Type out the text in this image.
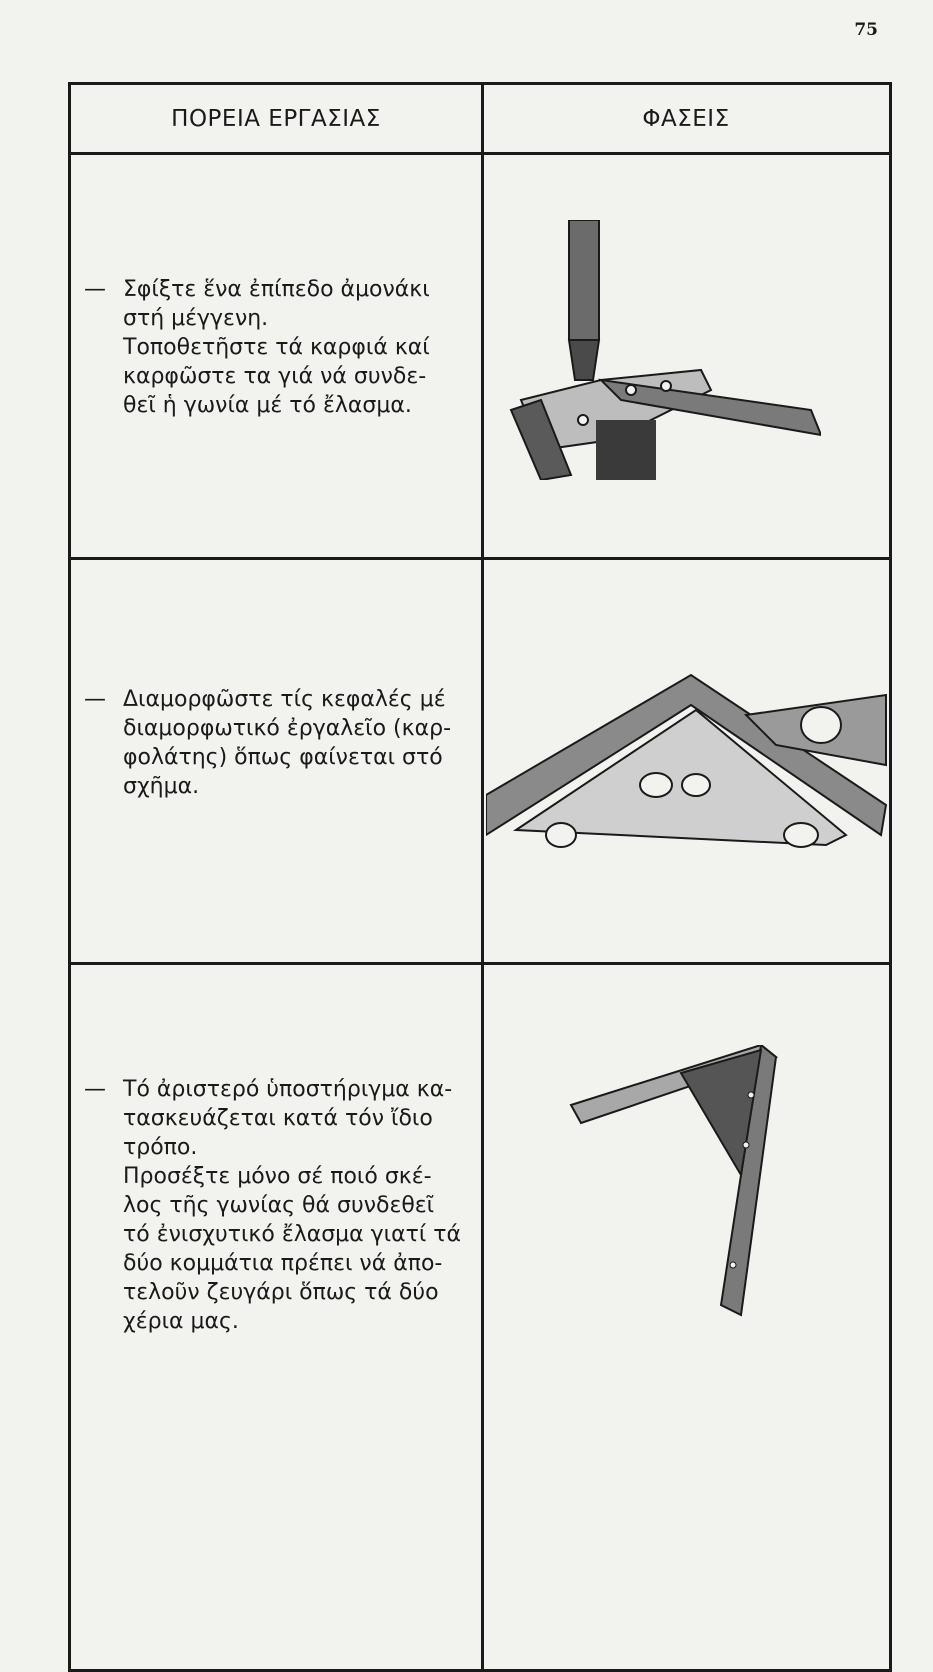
75
ΠΟΡΕΙΑ ΕΡΓΑΣΙΑΣ	ΦΑΣΕΙΣ
— Σφίξτε ἕνα ἐπίπεδο ἀμονάκι
στή μέγγενη.
Τοποθετῆστε τά καρφιά καί
καρφῶστε τα γιά νά συνδε-
θεῖ ἡ γωνία μέ τό ἔλασμα.
— Διαμορφῶστε τίς κεφαλές μέ
διαμορφωτικό ἐργαλεῖο (καρ-
φολάτης) ὅπως φαίνεται στό
σχῆμα.
— Τό ἀριστερό ὑποστήριγμα κα-
τασκευάζεται κατά τόν ἴδιο
τρόπο.
Προσέξτε μόνο σέ ποιό σκέ-
λος τῆς γωνίας θά συνδεθεῖ
τό ἐνισχυτικό ἔλασμα γιατί τά
δύο κομμάτια πρέπει νά ἀπο-
τελοῦν ζευγάρι ὅπως τά δύο
χέρια μας.
